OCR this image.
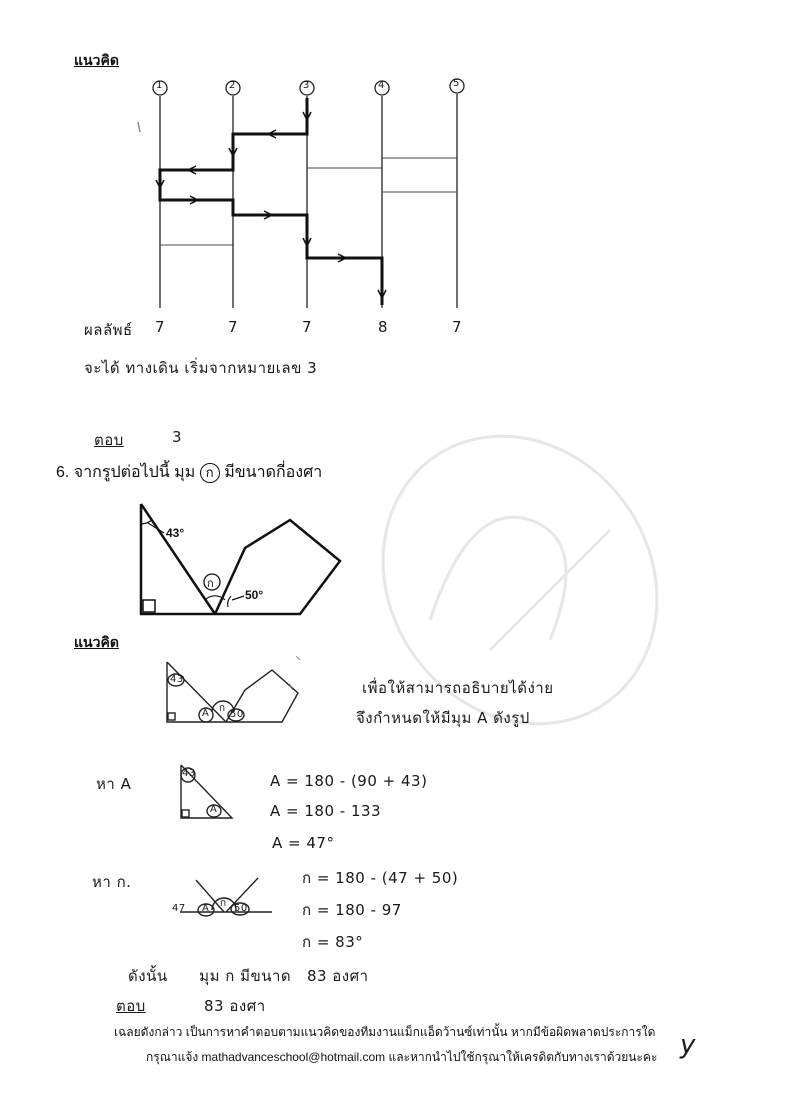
แนวคิด
1	2	3	4	5
ผลลัพธ์ 7	7	7	8	7
จะได้ ทางเดิน เริ่มจากหมายเลข 3
ตอบ	3
6. จากรูปต่อไปนี้ มุม ก มีขนาดกี่องศา
43°
50°
ก
แนวคิด
43
A ก
50
43
A
47 A ก 50
เพื่อให้สามารถอธิบายได้ง่าย
จึงกำหนดให้มีมุม A ดังรูป
หา A	A = 180 - (90 + 43)
A = 180 - 133
A = 47°
หา ก.	ก = 180 - (47 + 50)
ก = 180 - 97
ก = 83°
ดังนั้น      มุม ก มีขนาด   83 องศา
ตอบ	83 องศา
เฉลยดังกล่าว เป็นการหาคำตอบตามแนวคิดของทีมงานแม็กแอ็ดว้านซ์เท่านั้น หากมีข้อผิดพลาดประการใด
กรุณาแจ้ง mathadvanceschool@hotmail.com และหากนำไปใช้กรุณาให้เครดิตกับทางเราด้วยนะคะ y
